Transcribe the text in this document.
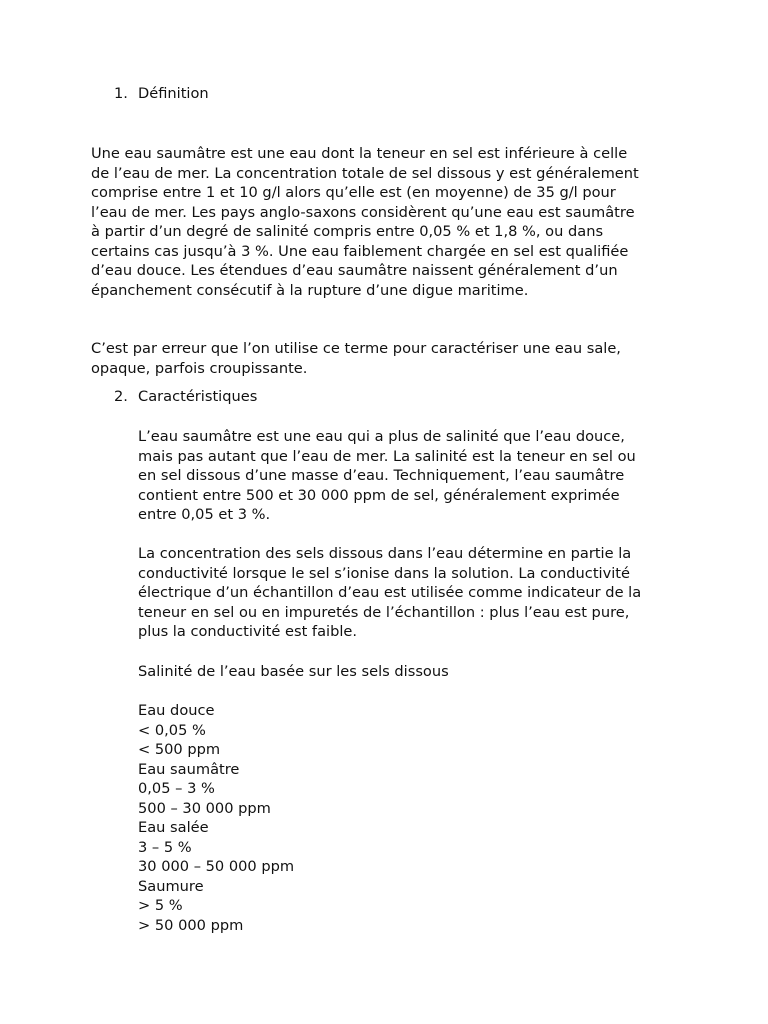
1. Définition
Une eau saumâtre est une eau dont la teneur en sel est inférieure à celle
de l’eau de mer. La concentration totale de sel dissous y est généralement
comprise entre 1 et 10 g/l alors qu’elle est (en moyenne) de 35 g/l pour
l’eau de mer. Les pays anglo-saxons considèrent qu’une eau est saumâtre
à partir d’un degré de salinité compris entre 0,05 % et 1,8 %, ou dans
certains cas jusqu’à 3 %. Une eau faiblement chargée en sel est qualifiée
d’eau douce. Les étendues d’eau saumâtre naissent généralement d’un
épanchement consécutif à la rupture d’une digue maritime.
C’est par erreur que l’on utilise ce terme pour caractériser une eau sale,
opaque, parfois croupissante.
2. Caractéristiques
L’eau saumâtre est une eau qui a plus de salinité que l’eau douce,
mais pas autant que l’eau de mer. La salinité est la teneur en sel ou
en sel dissous d’une masse d’eau. Techniquement, l’eau saumâtre
contient entre 500 et 30 000 ppm de sel, généralement exprimée
entre 0,05 et 3 %.
La concentration des sels dissous dans l’eau détermine en partie la
conductivité lorsque le sel s’ionise dans la solution. La conductivité
électrique d’un échantillon d’eau est utilisée comme indicateur de la
teneur en sel ou en impuretés de l’échantillon : plus l’eau est pure,
plus la conductivité est faible.
Salinité de l’eau basée sur les sels dissous
Eau douce
< 0,05 %
< 500 ppm
Eau saumâtre
0,05 – 3 %
500 – 30 000 ppm
Eau salée
3 – 5 %
30 000 – 50 000 ppm
Saumure
> 5 %
> 50 000 ppm
